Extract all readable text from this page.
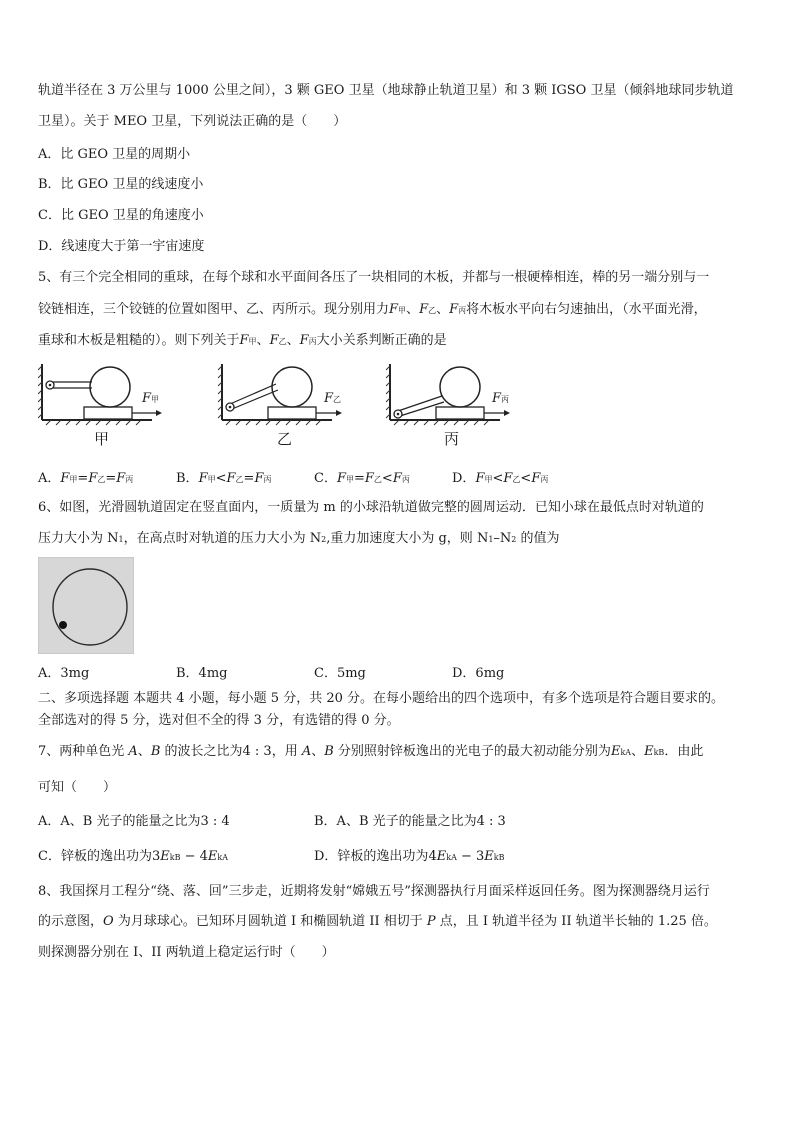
轨道半径在 3 万公里与 1000 公里之间），3 颗 GEO 卫星（地球静止轨道卫星）和 3 颗 IGSO 卫星（倾斜地球同步轨道
卫星）。关于 MEO 卫星，下列说法正确的是（　　）
A．比 GEO 卫星的周期小
B．比 GEO 卫星的线速度小
C．比 GEO 卫星的角速度小
D．线速度大于第一宇宙速度
5、有三个完全相同的重球，在每个球和水平面间各压了一块相同的木板，并都与一根硬棒相连，棒的另一端分别与一
铰链相连，三个铰链的位置如图甲、乙、丙所示。现分别用力F甲、F乙、F丙将木板水平向右匀速抽出，（水平面光滑，
重球和木板是粗糙的）。则下列关于F甲、F乙、F丙大小关系判断正确的是
F甲
甲
F乙
乙
F丙
丙
A．F甲=F乙=F丙	B．F甲<F乙=F丙	C．F甲=F乙<F丙	D．F甲<F乙<F丙
6、如图，光滑圆轨道固定在竖直面内，一质量为 m 的小球沿轨道做完整的圆周运动．已知小球在最低点时对轨道的
压力大小为 N1，在高点时对轨道的压力大小为 N2,重力加速度大小为 g，则 N1–N2 的值为
A．3mg	B．4mg	C．5mg	D．6mg
二、多项选择题 本题共 4 小题，每小题 5 分，共 20 分。在每小题给出的四个选项中，有多个选项是符合题目要求的。
全部选对的得 5 分，选对但不全的得 3 分，有选错的得 0 分。
7、两种单色光 A、B 的波长之比为4 : 3，用 A、B 分别照射锌板逸出的光电子的最大初动能分别为EkA、EkB．由此
可知（　　）
A．A、B 光子的能量之比为3 : 4	B．A、B 光子的能量之比为4 : 3
C．锌板的逸出功为3EkB − 4EkA	D．锌板的逸出功为4EkA − 3EkB
8、我国探月工程分“绕、落、回”三步走，近期将发射“嫦娥五号”探测器执行月面采样返回任务。图为探测器绕月运行
的示意图，O 为月球球心。已知环月圆轨道 I 和椭圆轨道 II 相切于 P 点，且 I 轨道半径为 II 轨道半长轴的 1.25 倍。
则探测器分别在 I、II 两轨道上稳定运行时（　　）
